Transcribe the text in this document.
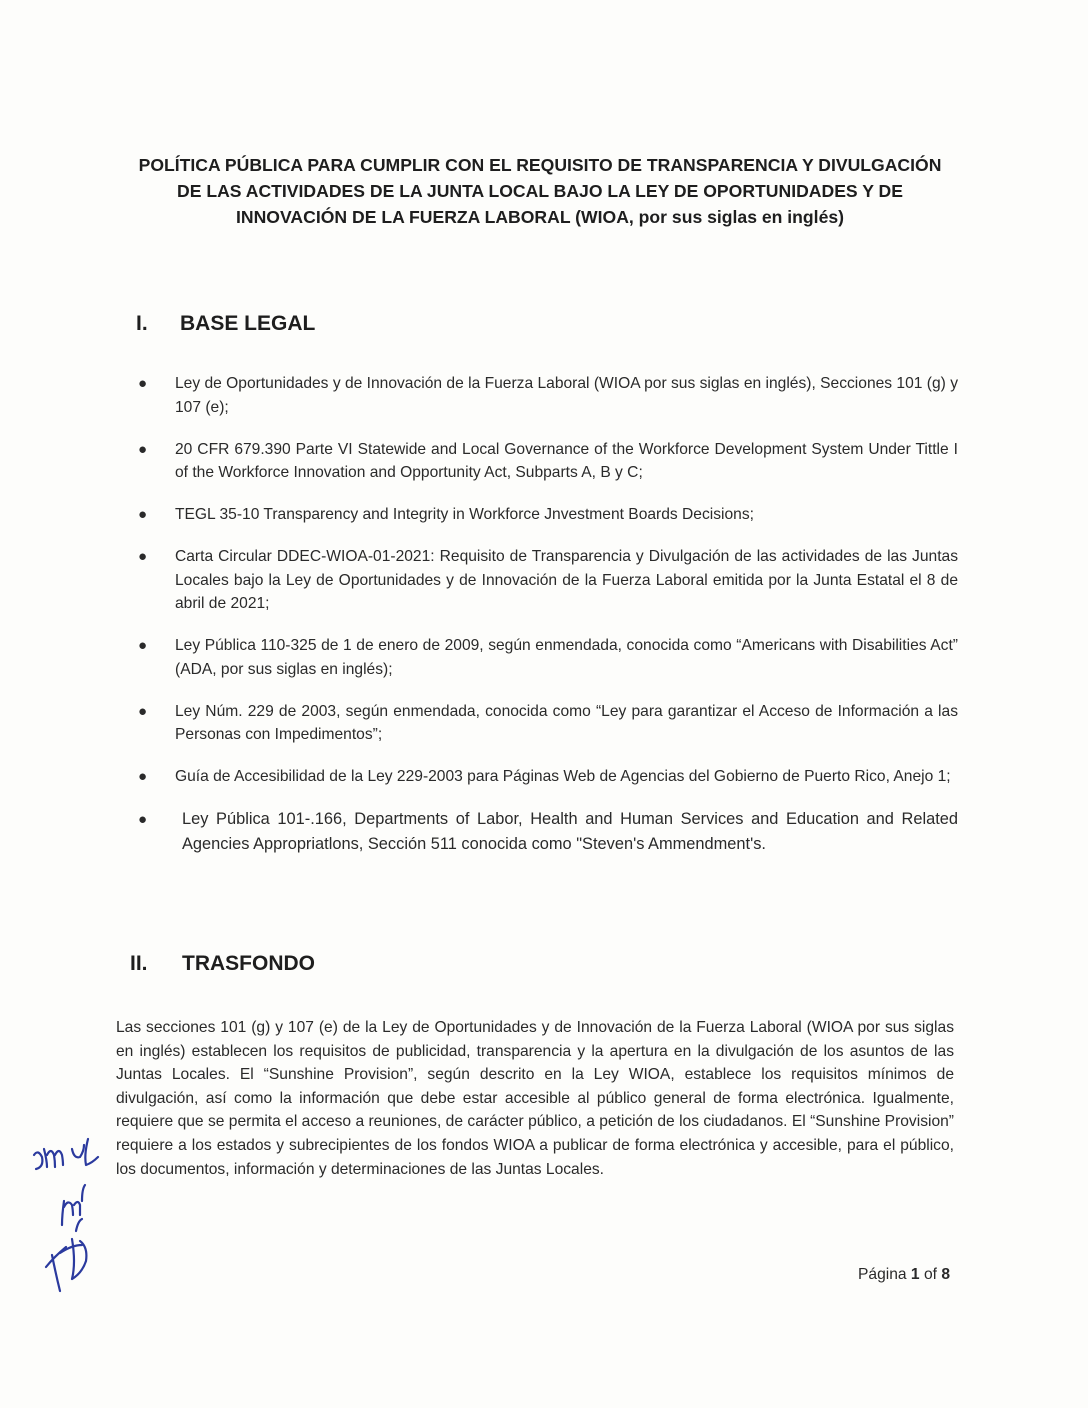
POLÍTICA PÚBLICA PARA CUMPLIR CON EL REQUISITO DE TRANSPARENCIA Y DIVULGACIÓN
DE LAS ACTIVIDADES DE LA JUNTA LOCAL BAJO LA LEY DE OPORTUNIDADES Y DE
INNOVACIÓN DE LA FUERZA LABORAL (WIOA, por sus siglas en inglés)
I. BASE LEGAL
● Ley de Oportunidades y de Innovación de la Fuerza Laboral (WIOA por sus siglas en inglés), Secciones 101 (g) y 107 (e);
● 20 CFR 679.390 Parte VI Statewide and Local Governance of the Workforce Development System Under Tittle I of the Workforce Innovation and Opportunity Act, Subparts A, B y C;
● TEGL 35-10 Transparency and Integrity in Workforce Jnvestment Boards Decisions;
● Carta Circular DDEC-WIOA-01-2021: Requisito de Transparencia y Divulgación de las actividades de las Juntas Locales bajo la Ley de Oportunidades y de Innovación de la Fuerza Laboral emitida por la Junta Estatal el 8 de abril de 2021;
● Ley Pública 110-325 de 1 de enero de 2009, según enmendada, conocida como “Americans with Disabilities Act” (ADA, por sus siglas en inglés);
● Ley Núm. 229 de 2003, según enmendada, conocida como “Ley para garantizar el Acceso de Información a las Personas con Impedimentos”;
● Guía de Accesibilidad de la Ley 229-2003 para Páginas Web de Agencias del Gobierno de Puerto Rico, Anejo 1;
● Ley Pública 101-.166, Departments of Labor, Health and Human Services and Education and Related Agencies Appropriatlons, Sección 511 conocida como "Steven's Ammendment's.
II. TRASFONDO

Las secciones 101 (g) y 107 (e) de la Ley de Oportunidades y de Innovación de la Fuerza Laboral (WIOA por sus siglas en inglés) establecen los requisitos de publicidad, transparencia y la apertura en la divulgación de los asuntos de las Juntas Locales. El “Sunshine Provision”, según descrito en la Ley WIOA, establece los requisitos mínimos de divulgación, así como la información que debe estar accesible al público general de forma electrónica. Igualmente, requiere que se permita el acceso a reuniones, de carácter público, a petición de los ciudadanos. El “Sunshine Provision” requiere a los estados y subrecipientes de los fondos WIOA a publicar de forma electrónica y accesible, para el público, los documentos, información y determinaciones de las Juntas Locales.

Página 1 of 8
